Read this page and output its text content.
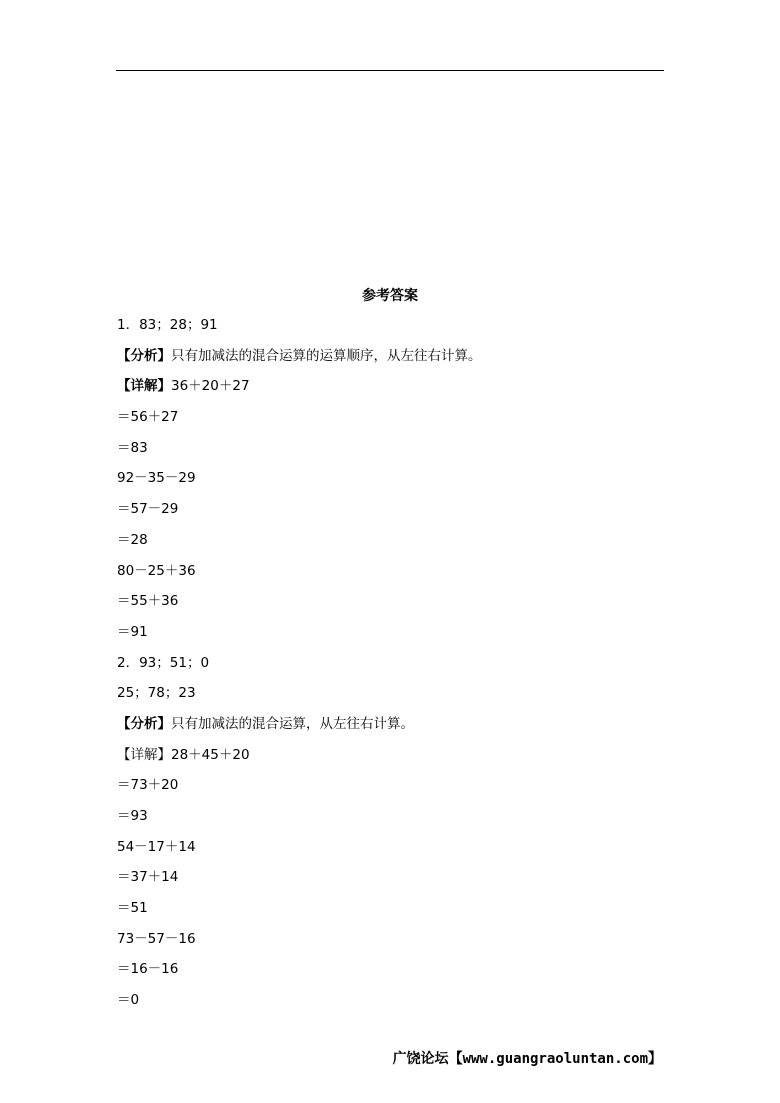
参考答案
1．83；28；91
【分析】只有加减法的混合运算的运算顺序，从左往右计算。
【详解】36＋20＋27
＝56＋27
＝83
92－35－29
＝57－29
＝28
80－25＋36
＝55＋36
＝91
2．93；51；0
25；78；23
【分析】只有加减法的混合运算，从左往右计算。
【详解】28＋45＋20
＝73＋20
＝93
54－17＋14
＝37＋14
＝51
73－57－16
＝16－16
＝0
广饶论坛【www.guangraoluntan.com】
